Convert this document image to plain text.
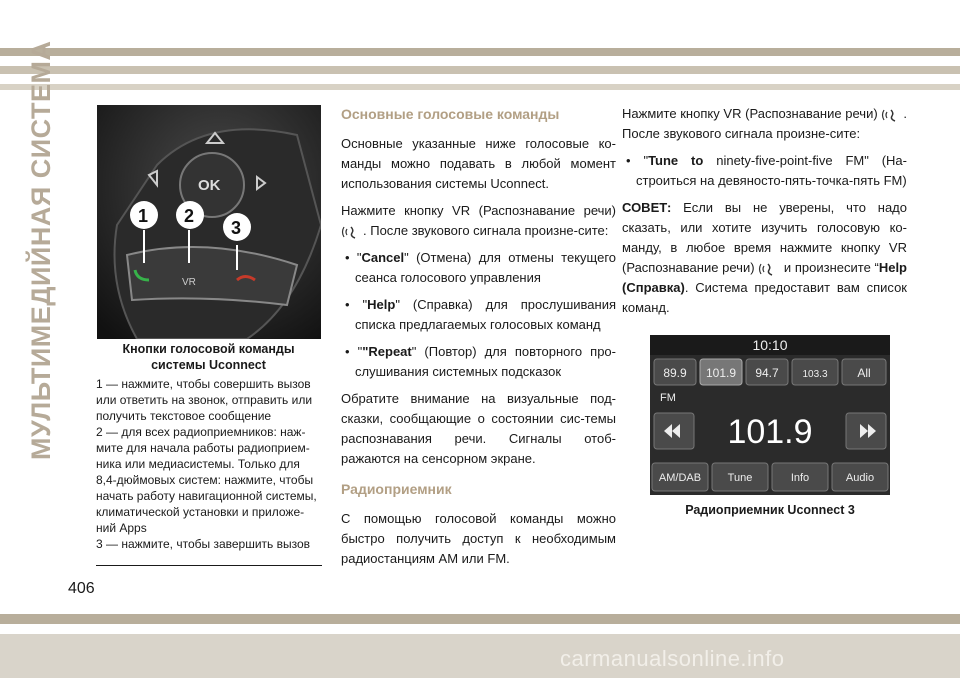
МУЛЬТИМЕДИЙНАЯ СИСТЕМА	OK
VR
1 2
3
Кнопки голосовой команды системы Uconnect
1 — нажмите, чтобы совершить вызов
или ответить на звонок, отправить или
получить текстовое сообщение
2 — для всех радиоприемников: наж-
мите для начала работы радиоприем-
ника или медиасистемы. Только для
8,4-дюймовых систем: нажмите, чтобы
начать работу навигационной системы,
климатической установки и приложе-
ний Apps
3 — нажмите, чтобы завершить вызов
Основные голосовые команды

Основные указанные ниже голосовые ко-манды можно подавать в любой момент использования системы Uconnect.

Нажмите кнопку VR (Распознавание речи) . После звукового сигнала произне-сите:

• "Cancel" (Отмена) для отмены текущего сеанса голосового управления

• "Help" (Справка) для прослушивания списка предлагаемых голосовых команд

• ""Repeat" (Повтор) для повторного про-слушивания системных подсказок

Обратите внимание на визуальные под-сказки, сообщающие о состоянии сис-темы распознавания речи. Сигналы отоб-ражаются на сенсорном экране.

Радиоприемник

С помощью голосовой команды можно быстро получить доступ к необходимым радиостанциям AM или FM.

Нажмите кнопку VR (Распознавание речи) . После звукового сигнала произне-сите:

• "Tune to ninety-five-point-five FM" (На-строиться на девяносто-пять-точка-пять FM)

СОВЕТ: Если вы не уверены, что надо сказать, или хотите изучить голосовую ко-манду, в любое время нажмите кнопку VR (Распознавание речи)  и произнесите “Help (Справка). Система предоставит вам список команд.

10:10
89.9 101.9 94.7 103.3 All
FM
101.9
AM/DAB Tune	Info	Audio
Радиоприемник Uconnect 3
406
carmanualsonline.info
